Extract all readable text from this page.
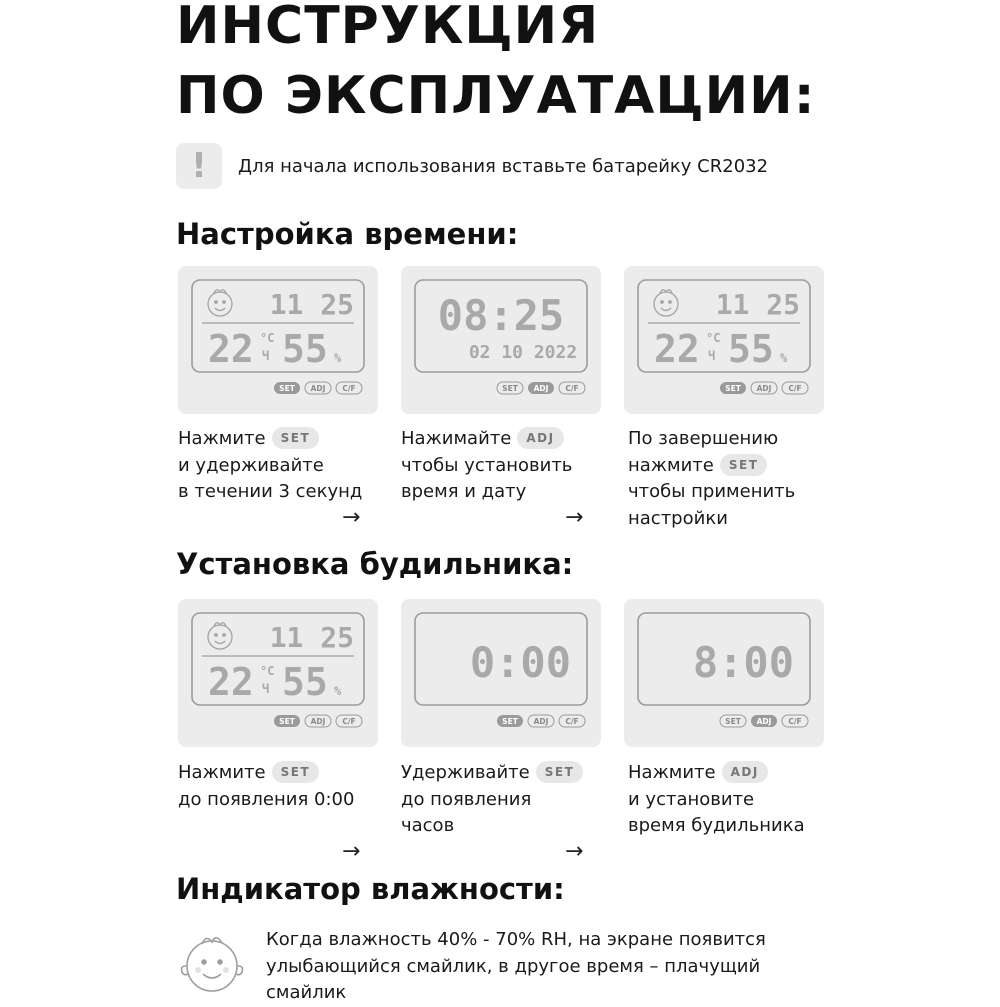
ИНСТРУКЦИЯ
ПО ЭКСПЛУАТАЦИИ:
!	Для начала использования вставьте батарейку CR2032
Настройка времени:
11 25
22 °C
Ч 55 %
SET ADJ C/F
08:25
02 10 2022
SET ADJ C/F
11 25
22 °C
Ч 55 %
SET ADJ C/F
Нажмите SET
и удерживайте
в течении 3 секунд
Нажимайте ADJ
чтобы установить
время и дату
По завершению
нажмите SET
чтобы применить
настройки
→	→
Установка будильника:
11 25
22 °C
Ч 55 %
SET ADJ C/F
0:00
SET ADJ C/F
8:00
SET ADJ C/F
Нажмите SET
до появления 0:00
Удерживайте SET
до появления
часов
Нажмите ADJ
и установите
время будильника
→	→
Индикатор влажности:
Когда влажность 40% - 70% RH, на экране появится
улыбающийся смайлик, в другое время – плачущий
смайлик
